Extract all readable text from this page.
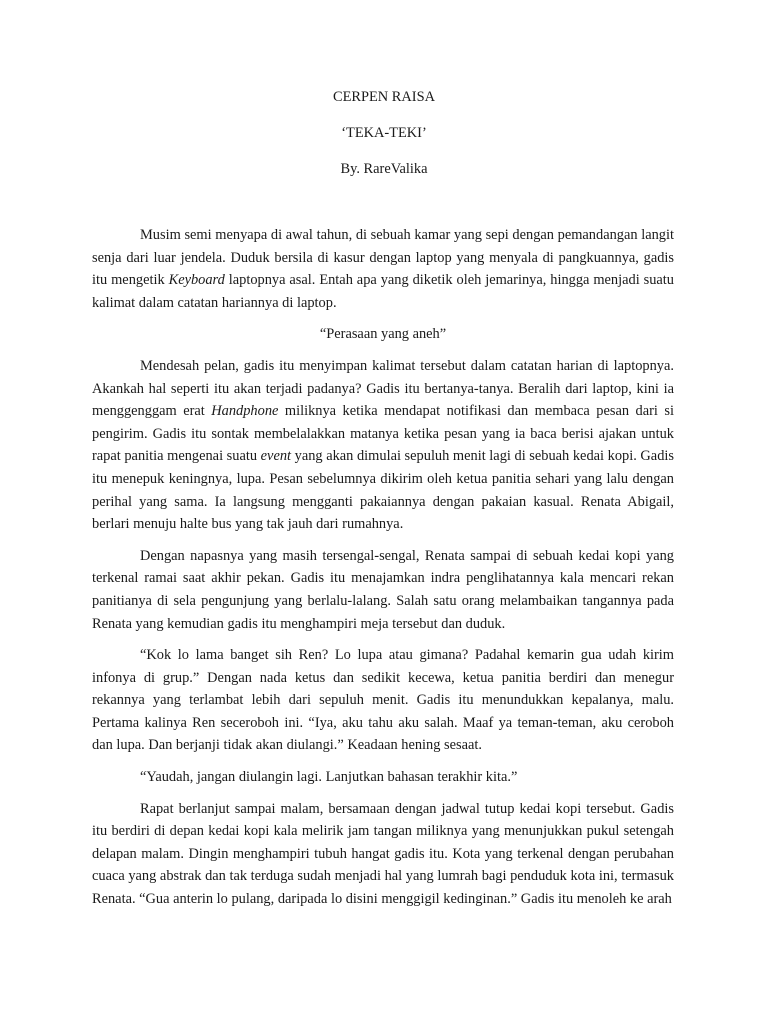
CERPEN RAISA
‘TEKA-TEKI’
By. RareValika

Musim semi menyapa di awal tahun, di sebuah kamar yang sepi dengan pemandangan langit senja dari luar jendela. Duduk bersila di kasur dengan laptop yang menyala di pangkuannya, gadis itu mengetik Keyboard laptopnya asal. Entah apa yang diketik oleh jemarinya, hingga menjadi suatu kalimat dalam catatan hariannya di laptop.

“Perasaan yang aneh”

Mendesah pelan, gadis itu menyimpan kalimat tersebut dalam catatan harian di laptopnya. Akankah hal seperti itu akan terjadi padanya? Gadis itu bertanya-tanya. Beralih dari laptop, kini ia menggenggam erat Handphone miliknya ketika mendapat notifikasi dan membaca pesan dari si pengirim. Gadis itu sontak membelalakkan matanya ketika pesan yang ia baca berisi ajakan untuk rapat panitia mengenai suatu event yang akan dimulai sepuluh menit lagi di sebuah kedai kopi. Gadis itu menepuk keningnya, lupa. Pesan sebelumnya dikirim oleh ketua panitia sehari yang lalu dengan perihal yang sama. Ia langsung mengganti pakaiannya dengan pakaian kasual. Renata Abigail, berlari menuju halte bus yang tak jauh dari rumahnya.

Dengan napasnya yang masih tersengal-sengal, Renata sampai di sebuah kedai kopi yang terkenal ramai saat akhir pekan. Gadis itu menajamkan indra penglihatannya kala mencari rekan panitianya di sela pengunjung yang berlalu-lalang. Salah satu orang melambaikan tangannya pada Renata yang kemudian gadis itu menghampiri meja tersebut dan duduk.

“Kok lo lama banget sih Ren? Lo lupa atau gimana? Padahal kemarin gua udah kirim infonya di grup.” Dengan nada ketus dan sedikit kecewa, ketua panitia berdiri dan menegur rekannya yang terlambat lebih dari sepuluh menit. Gadis itu menundukkan kepalanya, malu. Pertama kalinya Ren seceroboh ini. “Iya, aku tahu aku salah. Maaf ya teman-teman, aku ceroboh dan lupa. Dan berjanji tidak akan diulangi.” Keadaan hening sesaat.

“Yaudah, jangan diulangin lagi. Lanjutkan bahasan terakhir kita.”

Rapat berlanjut sampai malam, bersamaan dengan jadwal tutup kedai kopi tersebut. Gadis itu berdiri di depan kedai kopi kala melirik jam tangan miliknya yang menunjukkan pukul setengah delapan malam. Dingin menghampiri tubuh hangat gadis itu. Kota yang terkenal dengan perubahan cuaca yang abstrak dan tak terduga sudah menjadi hal yang lumrah bagi penduduk kota ini, termasuk Renata. “Gua anterin lo pulang, daripada lo disini menggigil kedinginan.” Gadis itu menoleh ke arah
